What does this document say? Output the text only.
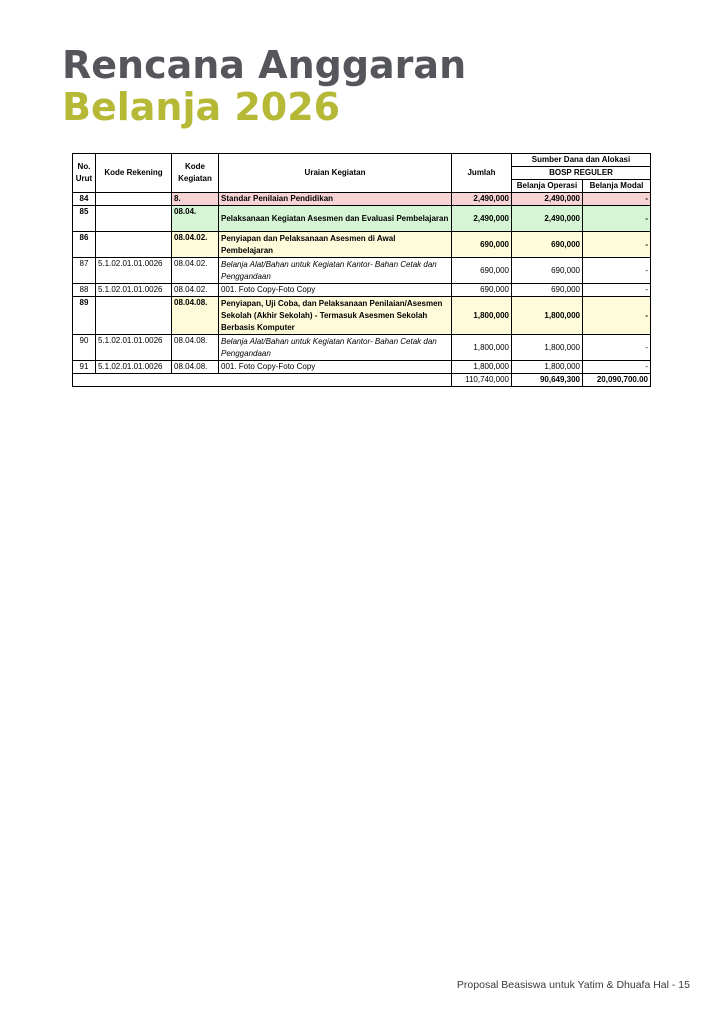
Rencana Anggaran
Belanja 2026
No. Urut	Kode Rekening	Kode Kegiatan	Uraian Kegiatan	Jumlah	Sumber Dana dan Alokasi	
					BOSP REGULER	
					Belanja Operasi	Belanja Modal
84		8.	Standar Penilaian Pendidikan	2,490,000	2,490,000	-
85		08.04.	Pelaksanaan Kegiatan Asesmen dan Evaluasi Pembelajaran	2,490,000	2,490,000	-
86		08.04.02.	Penyiapan dan Pelaksanaan Asesmen di Awal Pembelajaran	690,000	690,000	-
87	5.1.02.01.01.0026	08.04.02.	Belanja Alat/Bahan untuk Kegiatan Kantor- Bahan Cetak dan Penggandaan	690,000	690,000	-
88	5.1.02.01.01.0026	08.04.02.	001. Foto Copy-Foto Copy	690,000	690,000	-
89		08.04.08.	Penyiapan, Uji Coba, dan Pelaksanaan Penilaian/Asesmen Sekolah (Akhir Sekolah) - Termasuk Asesmen Sekolah Berbasis Komputer	1,800,000	1,800,000	-
90	5.1.02.01.01.0026	08.04.08.	Belanja Alat/Bahan untuk Kegiatan Kantor- Bahan Cetak dan Penggandaan	1,800,000	1,800,000	-
91	5.1.02.01.01.0026	08.04.08.	001. Foto Copy-Foto Copy	1,800,000	1,800,000	-
				110,740,000	90,649,300	20,090,700.00
Proposal Beasiswa untuk Yatim & Dhuafa Hal - 15
